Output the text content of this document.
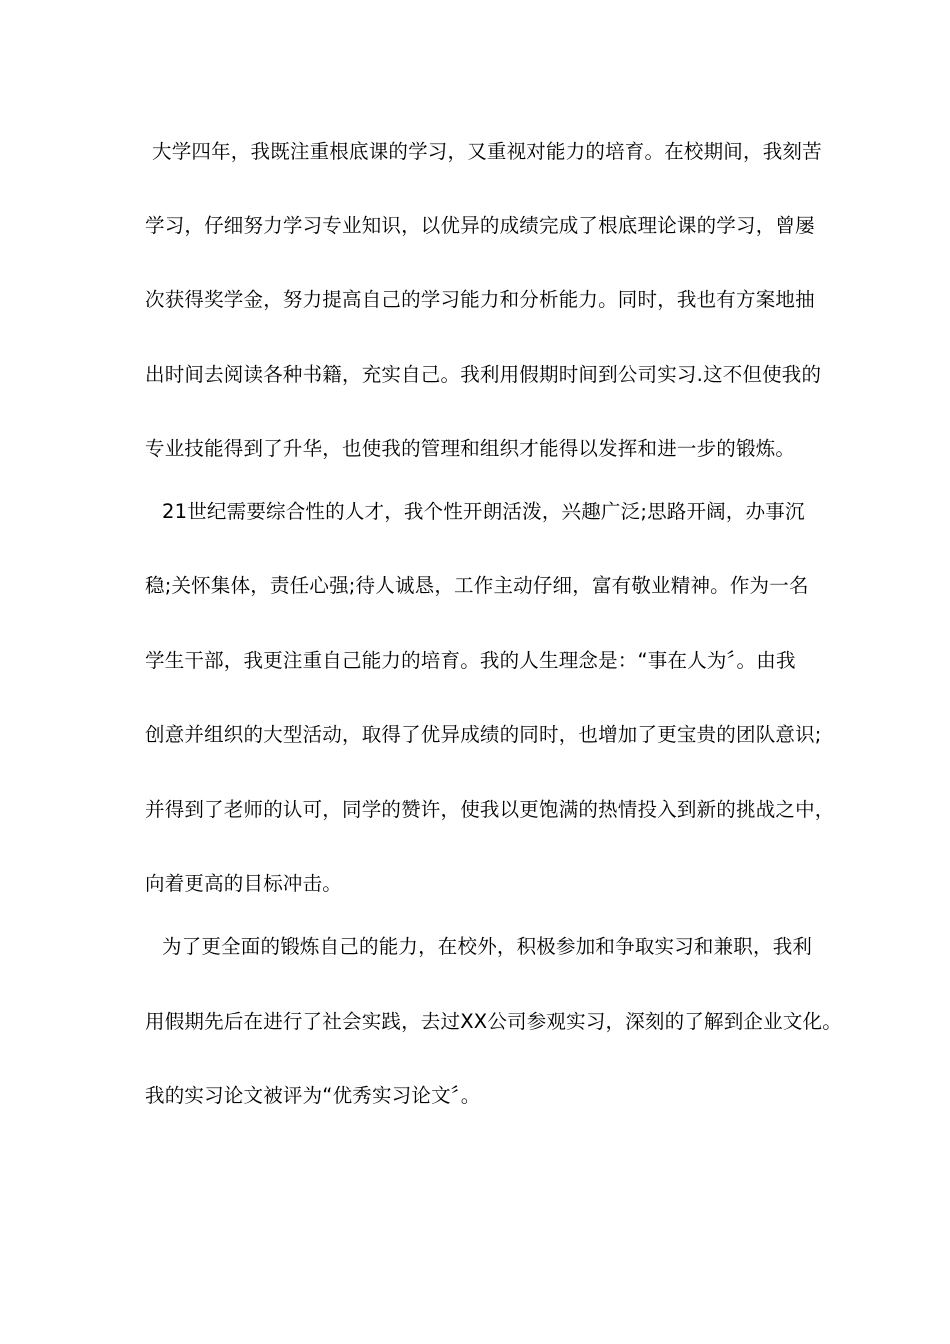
大学四年，我既注重根底课的学习，又重视对能力的培育。在校期间，我刻苦
学习，仔细努力学习专业知识，以优异的成绩完成了根底理论课的学习，曾屡
次获得奖学金，努力提高自己的学习能力和分析能力。同时，我也有方案地抽
出时间去阅读各种书籍，充实自己。我利用假期时间到公司实习.这不但使我的
专业技能得到了升华，也使我的管理和组织才能得以发挥和进一步的锻炼。
21世纪需要综合性的人才，我个性开朗活泼，兴趣广泛;思路开阔，办事沉
稳;关怀集体，责任心强;待人诚恳，工作主动仔细，富有敬业精神。作为一名
学生干部，我更注重自己能力的培育。我的人生理念是：“事在人为〞。由我
创意并组织的大型活动，取得了优异成绩的同时，也增加了更宝贵的团队意识;
并得到了老师的认可，同学的赞许，使我以更饱满的热情投入到新的挑战之中，
向着更高的目标冲击。
为了更全面的锻炼自己的能力，在校外，积极参加和争取实习和兼职，我利
用假期先后在进行了社会实践，去过XX公司参观实习，深刻的了解到企业文化。
我的实习论文被评为“优秀实习论文〞。
